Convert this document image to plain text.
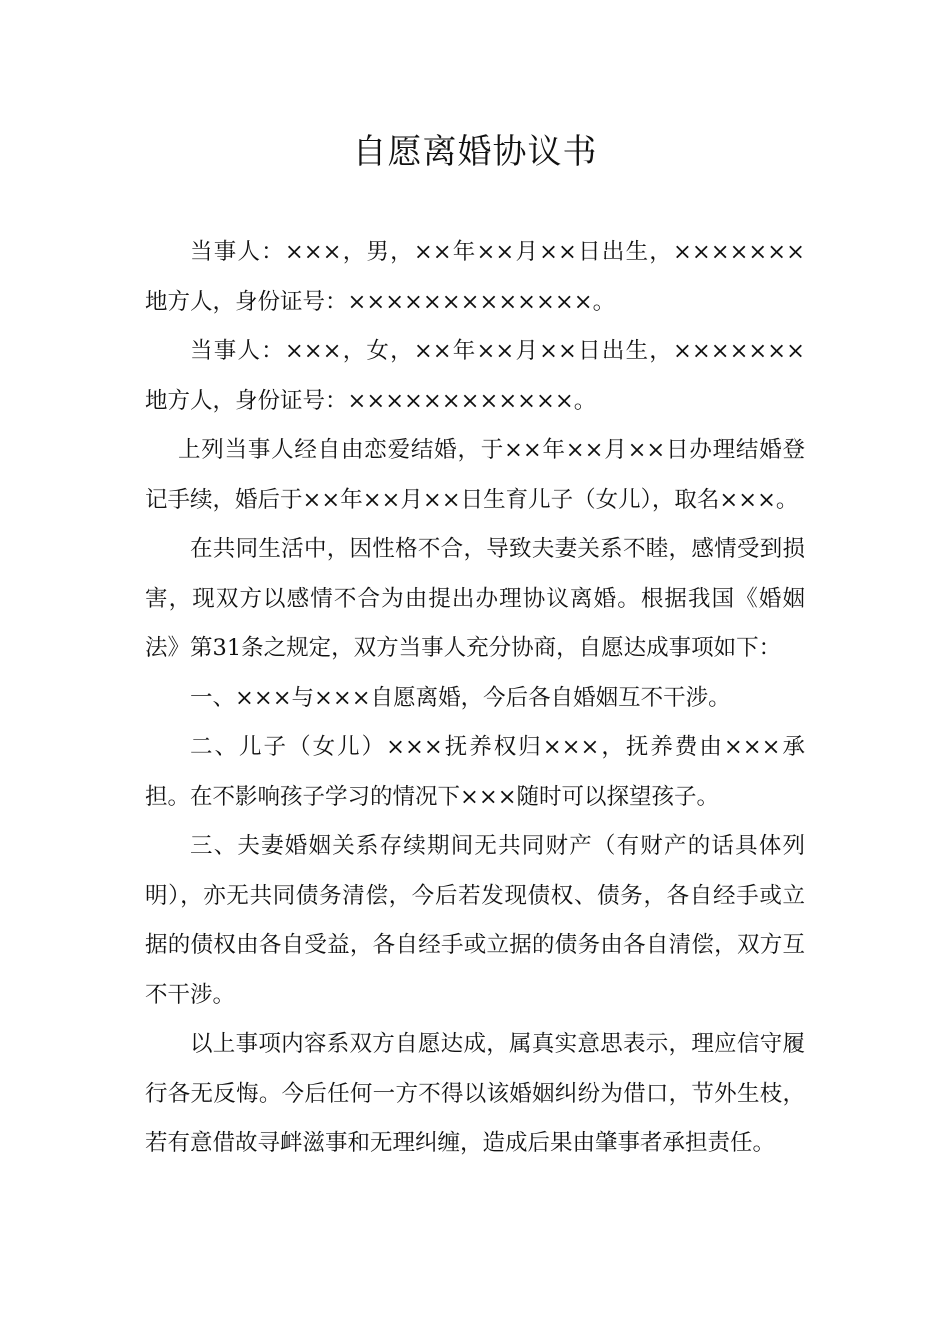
自愿离婚协议书

当事人：×××，男，××年××月××日出生，×××××××地方人，身份证号：×××××××××××××。

当事人：×××，女，××年××月××日出生，×××××××地方人，身份证号：××××××××××××。

上列当事人经自由恋爱结婚，于××年××月××日办理结婚登记手续，婚后于××年××月××日生育儿子（女儿），取名×××。

在共同生活中，因性格不合，导致夫妻关系不睦，感情受到损害，现双方以感情不合为由提出办理协议离婚。根据我国《婚姻法》第31条之规定，双方当事人充分协商，自愿达成事项如下：

一、×××与×××自愿离婚，今后各自婚姻互不干涉。

二、儿子（女儿）×××抚养权归×××，抚养费由×××承担。在不影响孩子学习的情况下×××随时可以探望孩子。

三、夫妻婚姻关系存续期间无共同财产（有财产的话具体列明），亦无共同债务清偿，今后若发现债权、债务，各自经手或立据的债权由各自受益，各自经手或立据的债务由各自清偿，双方互不干涉。

以上事项内容系双方自愿达成，属真实意思表示，理应信守履行各无反悔。今后任何一方不得以该婚姻纠纷为借口，节外生枝，若有意借故寻衅滋事和无理纠缠，造成后果由肇事者承担责任。
